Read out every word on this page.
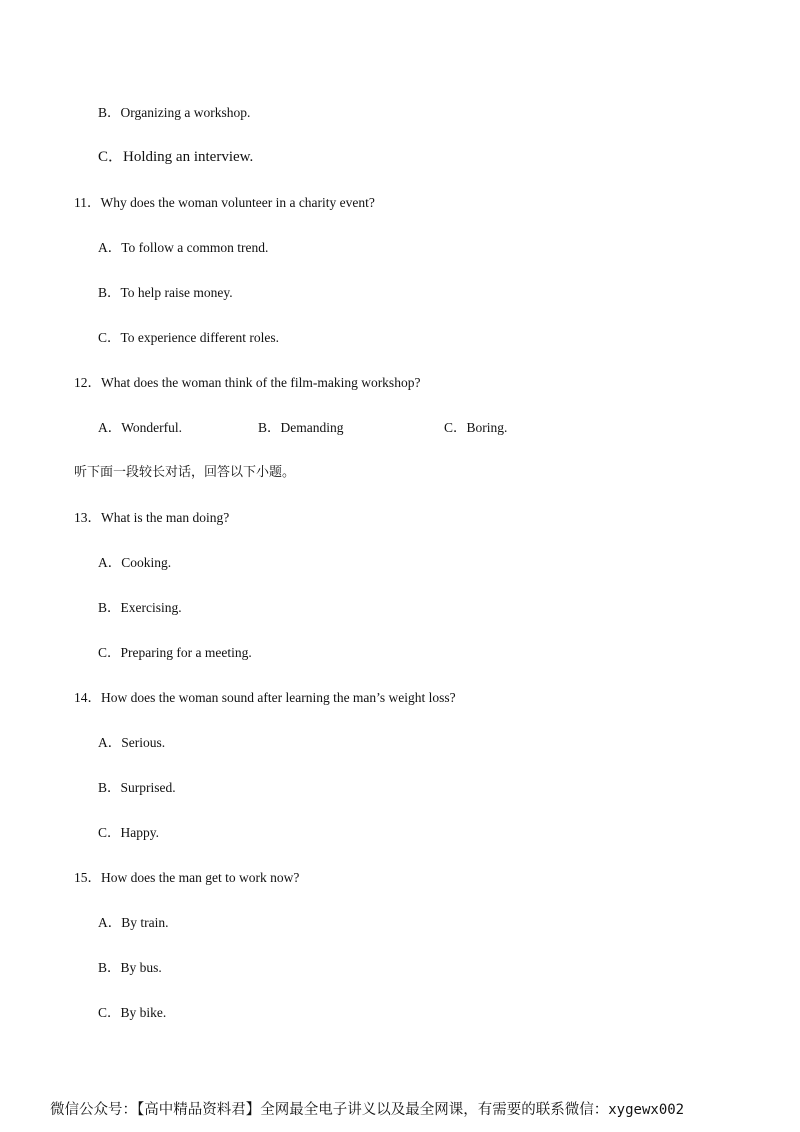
B．Organizing a workshop.
C．Holding an interview.
11．Why does the woman volunteer in a charity event?
A．To follow a common trend.
B．To help raise money.
C．To experience different roles.
12．What does the woman think of the film-making workshop?
A．Wonderful.	B．Demanding	C．Boring.
听下面一段较长对话，回答以下小题。
13．What is the man doing?
A．Cooking.
B．Exercising.
C．Preparing for a meeting.
14．How does the woman sound after learning the man’s weight loss?
A．Serious.
B．Surprised.
C．Happy.
15．How does the man get to work now?
A．By train.
B．By bus.
C．By bike.
微信公众号：【高中精品资料君】全网最全电子讲义以及最全网课，有需要的联系微信：xygewx002
